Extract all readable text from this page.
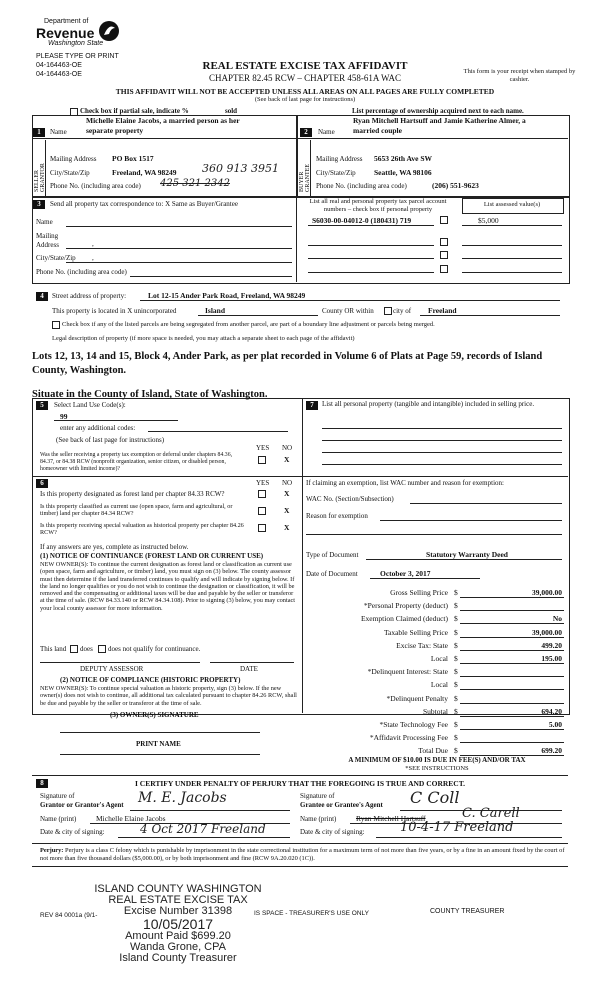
Department of
Revenue
Washington State
PLEASE TYPE OR PRINT
04-164463-OE
04-164463-OE
REAL ESTATE EXCISE TAX AFFIDAVIT
CHAPTER 82.45 RCW – CHAPTER 458-61A WAC
This form is your receipt when stamped by cashier.
THIS AFFIDAVIT WILL NOT BE ACCEPTED UNLESS ALL AREAS ON ALL PAGES ARE FULLY COMPLETED
(See back of last page for instructions)
Check box if partial sale, indicate %	sold	List percentage of ownership acquired next to each name.
1	Name
Michelle Elaine Jacobs, a married person as her
separate property
SELLER GRANTOR
Mailing Address PO Box 1517
City/State/Zip	Freeland, WA 98249 360 913 3951
Phone No. (including area code) 425 321 2342
2	Name
Ryan Mitchell Hartsuff and Jamie Katherine Almer, a
married couple
BUYER GRANTEE
Mailing Address 5653 26th Ave SW
City/State/Zip Seattle, WA 98106
Phone No. (including area code)	(206) 551-9623
3	Send all property tax correspondence to: X Same as Buyer/Grantee
Name
Mailing Address	,
City/State/Zip ,
Phone No. (including area code)
List all real and personal property tax parcel account numbers – check box if personal property
List assessed value(s)
S6030-00-04012-0 (180431) 719	$5,000
4	Street address of property:	Lot 12-15 Ander Park Road, Freeland, WA 98249
This property is located in X unincorporated	Island	County OR within	city of Freeland
Check box if any of the listed parcels are being segregated from another parcel, are part of a boundary line adjustment or parcels being merged.
Legal description of property (if more space is needed, you may attach a separate sheet to each page of the affidavit)
Lots 12, 13, 14 and 15, Block 4, Ander Park, as per plat recorded in Volume 6 of Plats at Page 59, records of Island County, Washington.
Situate in the County of Island, State of Washington.
5	Select Land Use Code(s):
99
enter any additional codes:
(See back of last page for instructions)
YES NO
Was the seller receiving a property tax exemption or deferral under chapters 84.36, 84.37, or 84.38 RCW (nonprofit organization, senior citizen, or disabled person, homeowner with limited income)?
X
7	List all personal property (tangible and intangible) included in selling price.
6	YES NO
Is this property designated as forest land per chapter 84.33 RCW?	X
Is this property classified as current use (open space, farm and agricultural, or timber) land per chapter 84.34 RCW?	X
Is this property receiving special valuation as historical property per chapter 84.26 RCW?
X
If any answers are yes, complete as instructed below.
(1) NOTICE OF CONTINUANCE (FOREST LAND OR CURRENT USE)
NEW OWNER(S): To continue the current designation as forest land or classification as current use (open space, farm and agriculture, or timber) land, you must sign on (3) below. The county assessor must then determine if the land transferred continues to qualify and will indicate by signing below. If the land no longer qualifies or you do not wish to continue the designation or classification, it will be removed and the compensating or additional taxes will be due and payable by the seller or transferor at the time of sale. (RCW 84.33.140 or RCW 84.34.108). Prior to signing (3) below, you may contact your local county assessor for more information.
This land does does not qualify for continuance.
DEPUTY ASSESSOR	DATE
(2) NOTICE OF COMPLIANCE (HISTORIC PROPERTY)
NEW OWNER(S): To continue special valuation as historic property, sign (3) below. If the new owner(s) does not wish to continue, all additional tax calculated pursuant to chapter 84.26 RCW, shall be due and payable by the seller or transferor at the time of sale.
(3) OWNER(S) SIGNATURE
PRINT NAME
If claiming an exemption, list WAC number and reason for exemption:
WAC No. (Section/Subsection)
Reason for exemption
Type of Document	Statutory Warranty Deed
Date of Document	October 3, 2017
Gross Selling Price $	39,000.00
*Personal Property (deduct) $
Exemption Claimed (deduct) $	No
Taxable Selling Price $	39,000.00
Excise Tax: State $	499.20
Local $	195.00
*Delinquent Interest: State $
Local $
*Delinquent Penalty $
Subtotal $	694.20
*State Technology Fee $	5.00
*Affidavit Processing Fee $
Total Due $	699.20
A MINIMUM OF $10.00 IS DUE IN FEE(S) AND/OR TAX
*SEE INSTRUCTIONS
8	I CERTIFY UNDER PENALTY OF PERJURY THAT THE FOREGOING IS TRUE AND CORRECT.
Signature of
Grantor or Grantor's Agent M. E. Jacobs
Name (print)	Michelle Elaine Jacobs
Date & city of signing:	4 Oct 2017 Freeland
Signature of
Grantee or Grantee's Agent C Coll
Name (print)	Ryan Mitchell Hartsuff	C. Carell
Date & city of signing:	10-4-17 Freeland
Perjury: Perjury is a class C felony which is punishable by imprisonment in the state correctional institution for a maximum term of not more than five years, or by a fine in an amount fixed by the court of not more than five thousand dollars ($5,000.00), or by both imprisonment and fine (RCW 9A.20.020 (1C)).
REV 84 0001a (9/1-
ISLAND COUNTY WASHINGTON
REAL ESTATE EXCISE TAX
Excise Number 31398
10/05/2017
Amount Paid $699.20
Wanda Grone, CPA
Island County Treasurer
IS SPACE - TREASURER'S USE ONLY	COUNTY TREASURER
